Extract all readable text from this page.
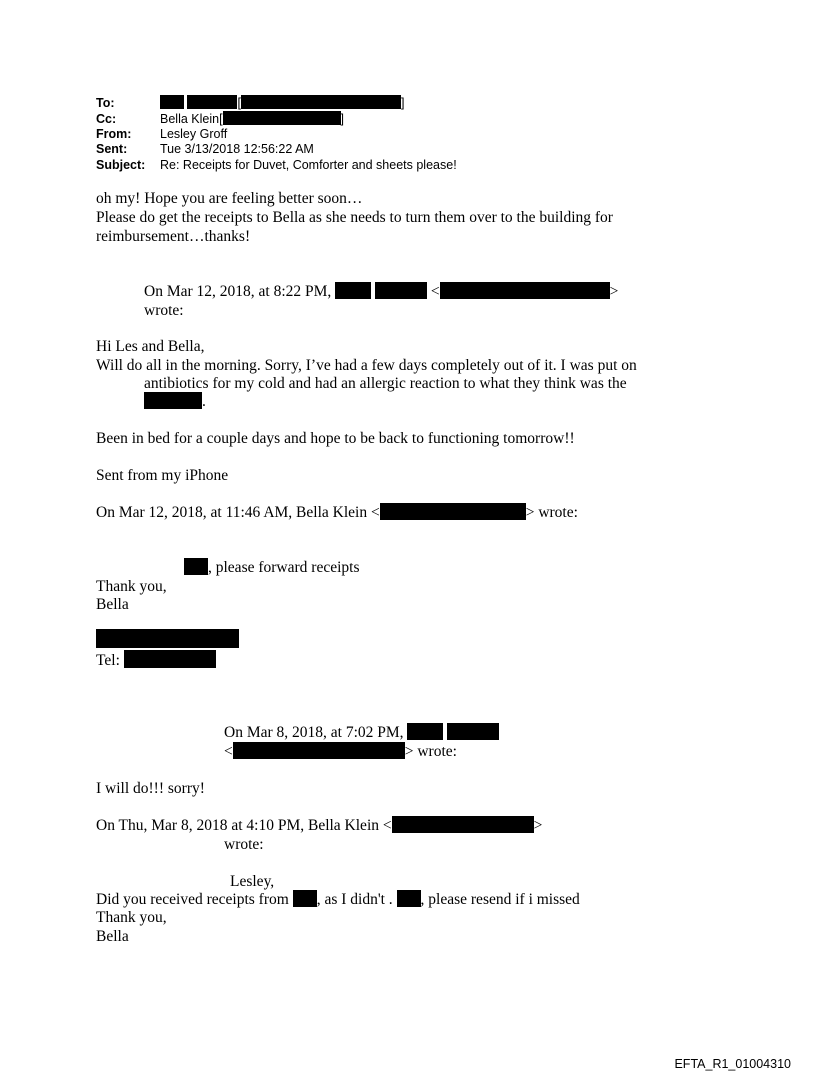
To:	[	]
Cc:	Bella Klein[	]
From: Lesley Groff
Sent:	Tue 3/13/2018 12:56:22 AM
Subject: Re: Receipts for Duvet, Comforter and sheets please!
oh my! Hope you are feeling better soon…
Please do get the receipts to Bella as she needs to turn them over to the building for
reimbursement…thanks!
On Mar 12, 2018, at 8:22 PM,	<	>
wrote:
Hi Les and Bella,
Will do all in the morning. Sorry, I’ve had a few days completely out of it. I was put on
antibiotics for my cold and had an allergic reaction to what they think was the
.
Been in bed for a couple days and hope to be back to functioning tomorrow!!
Sent from my iPhone
On Mar 12, 2018, at 11:46 AM, Bella Klein <	> wrote:
, please forward receipts
Thank you,
Bella
Tel:
On Mar 8, 2018, at 7:02 PM,
<	> wrote:
I will do!!! sorry!
On Thu, Mar 8, 2018 at 4:10 PM, Bella Klein <	>
wrote:
Lesley,
Did you received receipts from , as I didn't . , please resend if i missed
Thank you,
Bella
EFTA_R1_01004310
